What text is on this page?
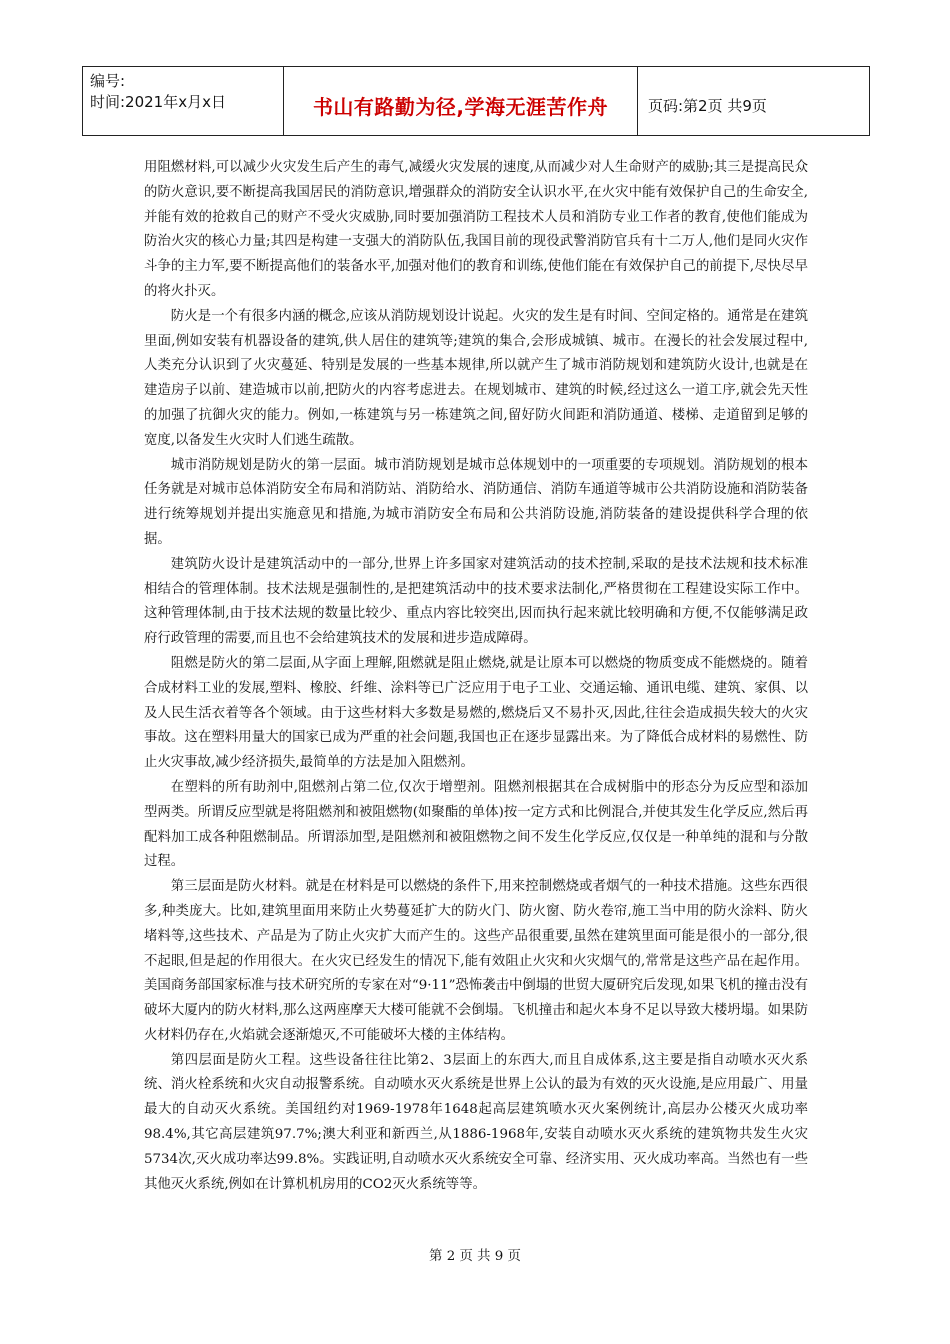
编号:
时间:2021年x月x日	书山有路勤为径,学海无涯苦作舟	页码:第2页 共9页

用阻燃材料,可以减少火灾发生后产生的毒气,减缓火灾发展的速度,从而减少对人生命财产的威胁;其三是提高民众的防火意识,要不断提高我国居民的消防意识,增强群众的消防安全认识水平,在火灾中能有效保护自己的生命安全,并能有效的抢救自己的财产不受火灾威胁,同时要加强消防工程技术人员和消防专业工作者的教育,使他们能成为防治火灾的核心力量;其四是构建一支强大的消防队伍,我国目前的现役武警消防官兵有十二万人,他们是同火灾作斗争的主力军,要不断提高他们的装备水平,加强对他们的教育和训练,使他们能在有效保护自己的前提下,尽快尽早的将火扑灭。

防火是一个有很多内涵的概念,应该从消防规划设计说起。火灾的发生是有时间、空间定格的。通常是在建筑里面,例如安装有机器设备的建筑,供人居住的建筑等;建筑的集合,会形成城镇、城市。在漫长的社会发展过程中,人类充分认识到了火灾蔓延、特别是发展的一些基本规律,所以就产生了城市消防规划和建筑防火设计,也就是在建造房子以前、建造城市以前,把防火的内容考虑进去。在规划城市、建筑的时候,经过这么一道工序,就会先天性的加强了抗御火灾的能力。例如,一栋建筑与另一栋建筑之间,留好防火间距和消防通道、楼梯、走道留到足够的宽度,以备发生火灾时人们逃生疏散。

城市消防规划是防火的第一层面。城市消防规划是城市总体规划中的一项重要的专项规划。消防规划的根本任务就是对城市总体消防安全布局和消防站、消防给水、消防通信、消防车通道等城市公共消防设施和消防装备进行统筹规划并提出实施意见和措施,为城市消防安全布局和公共消防设施,消防装备的建设提供科学合理的依据。

建筑防火设计是建筑活动中的一部分,世界上许多国家对建筑活动的技术控制,采取的是技术法规和技术标准相结合的管理体制。技术法规是强制性的,是把建筑活动中的技术要求法制化,严格贯彻在工程建设实际工作中。这种管理体制,由于技术法规的数量比较少、重点内容比较突出,因而执行起来就比较明确和方便,不仅能够满足政府行政管理的需要,而且也不会给建筑技术的发展和进步造成障碍。

阻燃是防火的第二层面,从字面上理解,阻燃就是阻止燃烧,就是让原本可以燃烧的物质变成不能燃烧的。随着合成材料工业的发展,塑料、橡胶、纤维、涂料等已广泛应用于电子工业、交通运输、通讯电缆、建筑、家俱、以及人民生活衣着等各个领域。由于这些材料大多数是易燃的,燃烧后又不易扑灭,因此,往往会造成损失较大的火灾事故。这在塑料用量大的国家已成为严重的社会问题,我国也正在逐步显露出来。为了降低合成材料的易燃性、防止火灾事故,减少经济损失,最简单的方法是加入阻燃剂。

在塑料的所有助剂中,阻燃剂占第二位,仅次于增塑剂。阻燃剂根据其在合成树脂中的形态分为反应型和添加型两类。所谓反应型就是将阻燃剂和被阻燃物(如聚酯的单体)按一定方式和比例混合,并使其发生化学反应,然后再配料加工成各种阻燃制品。所谓添加型,是阻燃剂和被阻燃物之间不发生化学反应,仅仅是一种单纯的混和与分散过程。

第三层面是防火材料。就是在材料是可以燃烧的条件下,用来控制燃烧或者烟气的一种技术措施。这些东西很多,种类庞大。比如,建筑里面用来防止火势蔓延扩大的防火门、防火窗、防火卷帘,施工当中用的防火涂料、防火堵料等,这些技术、产品是为了防止火灾扩大而产生的。这些产品很重要,虽然在建筑里面可能是很小的一部分,很不起眼,但是起的作用很大。在火灾已经发生的情况下,能有效阻止火灾和火灾烟气的,常常是这些产品在起作用。美国商务部国家标准与技术研究所的专家在对“9·11”恐怖袭击中倒塌的世贸大厦研究后发现,如果飞机的撞击没有破坏大厦内的防火材料,那么这两座摩天大楼可能就不会倒塌。飞机撞击和起火本身不足以导致大楼坍塌。如果防火材料仍存在,火焰就会逐渐熄灭,不可能破坏大楼的主体结构。

第四层面是防火工程。这些设备往往比第2、3层面上的东西大,而且自成体系,这主要是指自动喷水灭火系统、消火栓系统和火灾自动报警系统。自动喷水灭火系统是世界上公认的最为有效的灭火设施,是应用最广、用量最大的自动灭火系统。美国纽约对1969-1978年1648起高层建筑喷水灭火案例统计,高层办公楼灭火成功率98.4%,其它高层建筑97.7%;澳大利亚和新西兰,从1886-1968年,安装自动喷水灭火系统的建筑物共发生火灾5734次,灭火成功率达99.8%。实践证明,自动喷水灭火系统安全可靠、经济实用、灭火成功率高。当然也有一些其他灭火系统,例如在计算机机房用的CO2灭火系统等等。

第 2 页 共 9 页
